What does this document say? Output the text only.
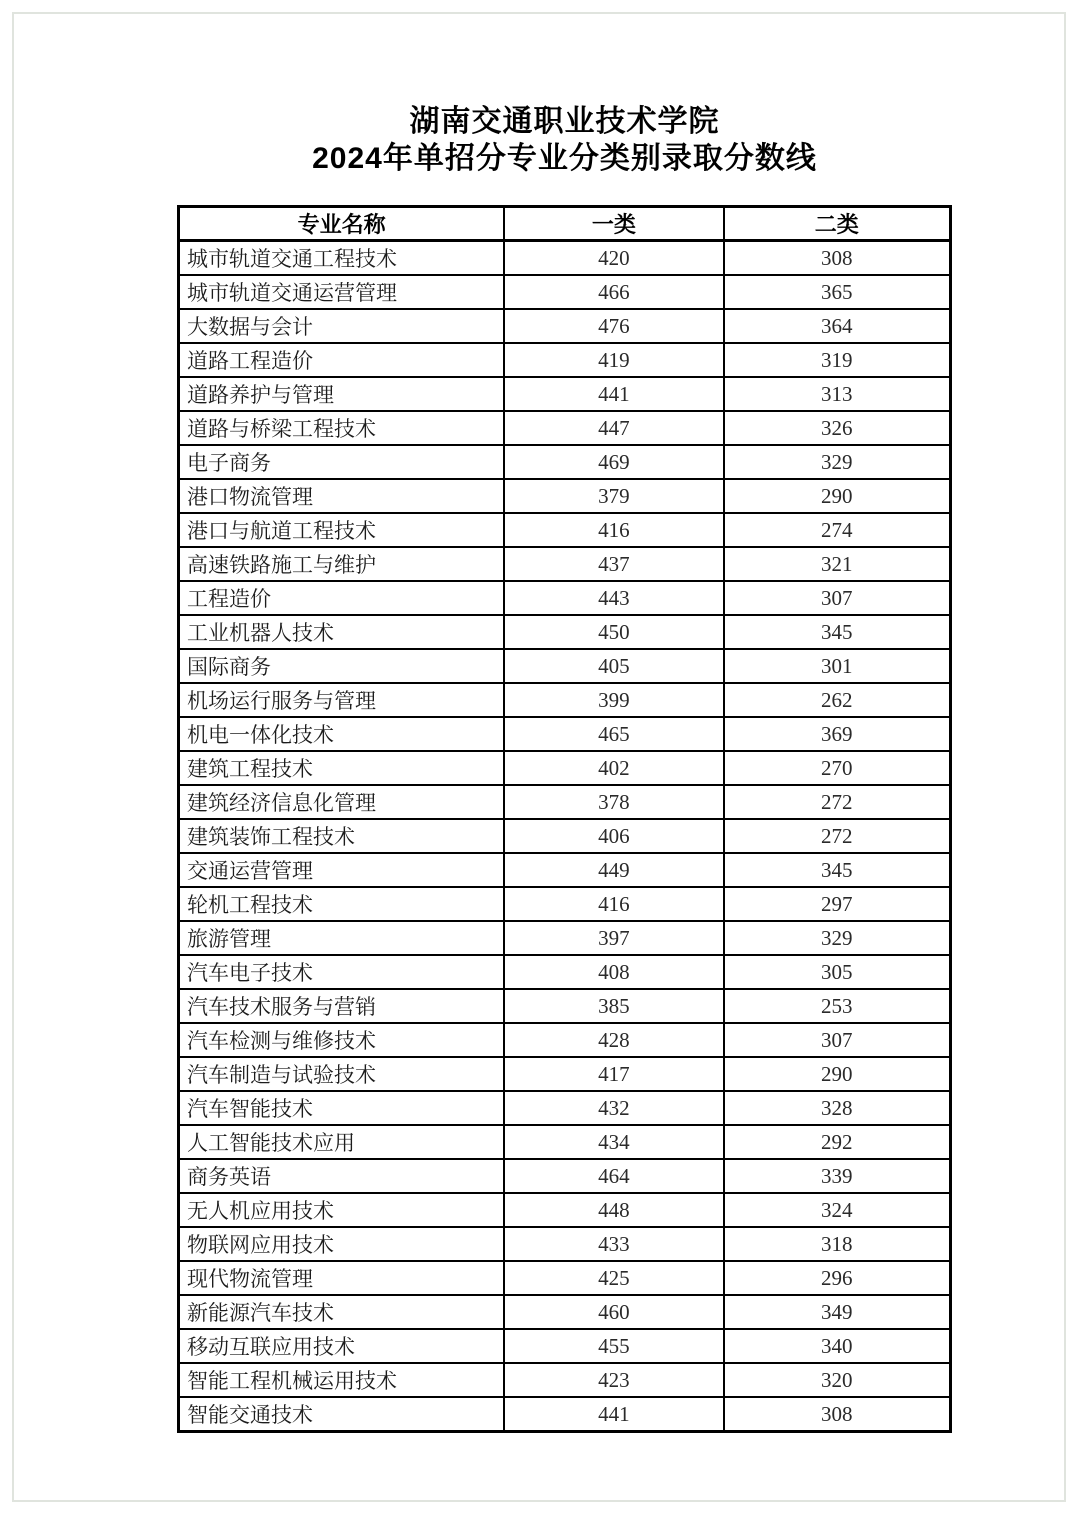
湖南交通职业技术学院
2024年单招分专业分类别录取分数线
专业名称	一类	二类
城市轨道交通工程技术	420	308
城市轨道交通运营管理	466	365
大数据与会计	476	364
道路工程造价	419	319
道路养护与管理	441	313
道路与桥梁工程技术	447	326
电子商务	469	329
港口物流管理	379	290
港口与航道工程技术	416	274
高速铁路施工与维护	437	321
工程造价	443	307
工业机器人技术	450	345
国际商务	405	301
机场运行服务与管理	399	262
机电一体化技术	465	369
建筑工程技术	402	270
建筑经济信息化管理	378	272
建筑装饰工程技术	406	272
交通运营管理	449	345
轮机工程技术	416	297
旅游管理	397	329
汽车电子技术	408	305
汽车技术服务与营销	385	253
汽车检测与维修技术	428	307
汽车制造与试验技术	417	290
汽车智能技术	432	328
人工智能技术应用	434	292
商务英语	464	339
无人机应用技术	448	324
物联网应用技术	433	318
现代物流管理	425	296
新能源汽车技术	460	349
移动互联应用技术	455	340
智能工程机械运用技术	423	320
智能交通技术	441	308
